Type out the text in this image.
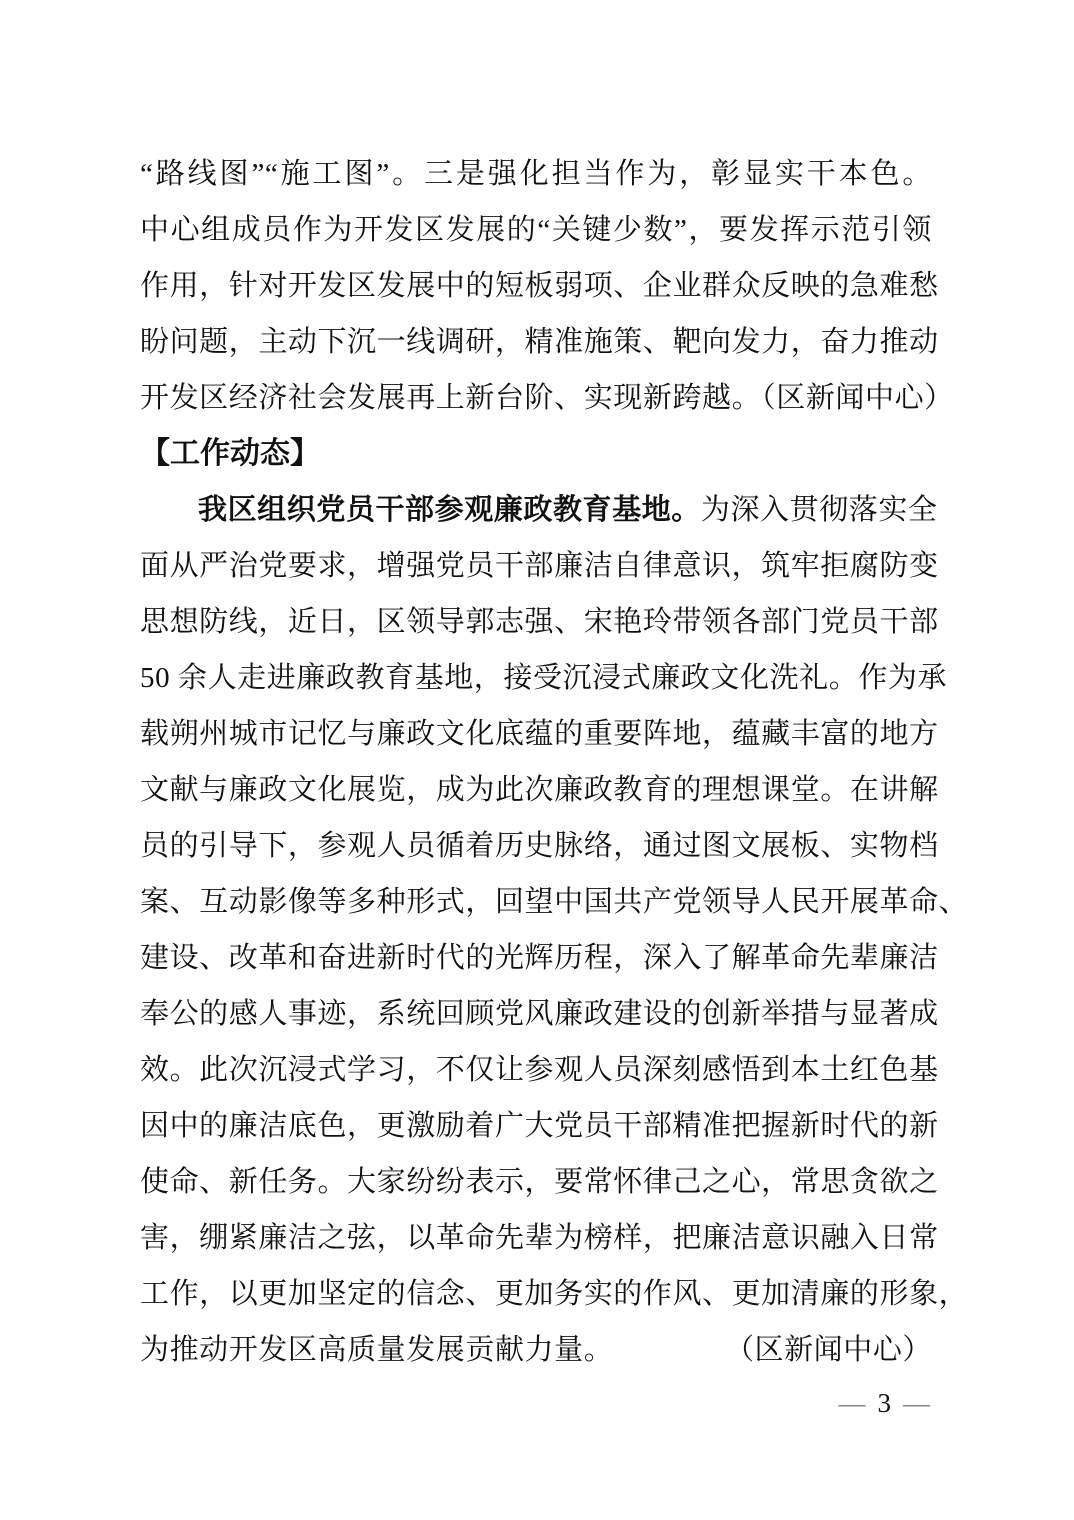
“路线图”“施工图”。三是强化担当作为，彰显实干本色。
中心组成员作为开发区发展的“关键少数”，要发挥示范引领
作用，针对开发区发展中的短板弱项、企业群众反映的急难愁
盼问题，主动下沉一线调研，精准施策、靶向发力，奋力推动
开发区经济社会发展再上新台阶、实现新跨越。（区新闻中心）
【工作动态】
我区组织党员干部参观廉政教育基地。为深入贯彻落实全
面从严治党要求，增强党员干部廉洁自律意识，筑牢拒腐防变
思想防线，近日，区领导郭志强、宋艳玲带领各部门党员干部
50 余人走进廉政教育基地，接受沉浸式廉政文化洗礼。作为承
载朔州城市记忆与廉政文化底蕴的重要阵地，蕴藏丰富的地方
文献与廉政文化展览，成为此次廉政教育的理想课堂。在讲解
员的引导下，参观人员循着历史脉络，通过图文展板、实物档
案、互动影像等多种形式，回望中国共产党领导人民开展革命、
建设、改革和奋进新时代的光辉历程，深入了解革命先辈廉洁
奉公的感人事迹，系统回顾党风廉政建设的创新举措与显著成
效。此次沉浸式学习，不仅让参观人员深刻感悟到本土红色基
因中的廉洁底色，更激励着广大党员干部精准把握新时代的新
使命、新任务。大家纷纷表示，要常怀律己之心，常思贪欲之
害，绷紧廉洁之弦，以革命先辈为榜样，把廉洁意识融入日常
工作，以更加坚定的信念、更加务实的作风、更加清廉的形象，
为推动开发区高质量发展贡献力量。	（区新闻中心）
— 3 —
